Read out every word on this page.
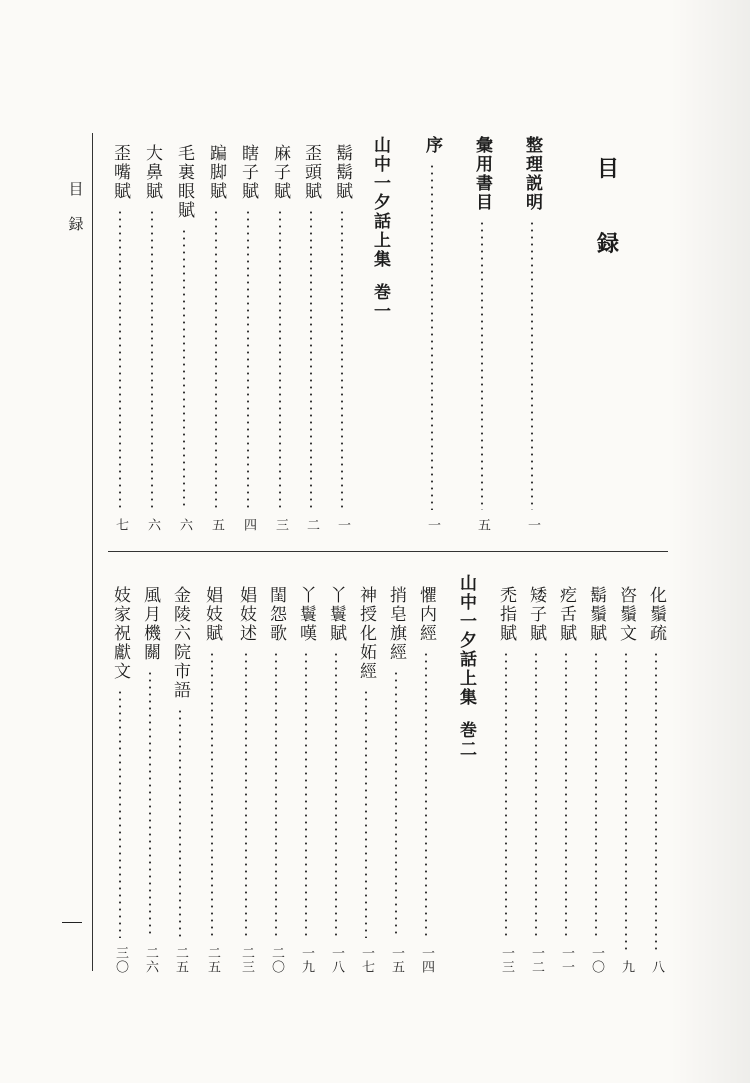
目
録
目
録
整理説明
一
彙用書目
五
序
一
山中一夕話上集巻一
鬍鬍賦
一
歪頭賦
二
麻子賦
三
瞎子賦
四
蹁脚賦
五
毛裏眼賦
六
大鼻賦
六
歪嘴賦
七
化鬚疏
八
咨鬚文
九
鬍鬚賦
一〇
疙舌賦
一一
矮子賦
一二
禿指賦
一三
山中一夕話上集巻二
懼内經
一四
捎皂旗經
一五
神授化妬經
一七
丫鬟賦
一八
丫鬟嘆
一九
閨怨歌
二〇
娼妓述
二三
娼妓賦
二五
金陵六院市語
二五
風月機關
二六
妓家祝獻文
三〇
